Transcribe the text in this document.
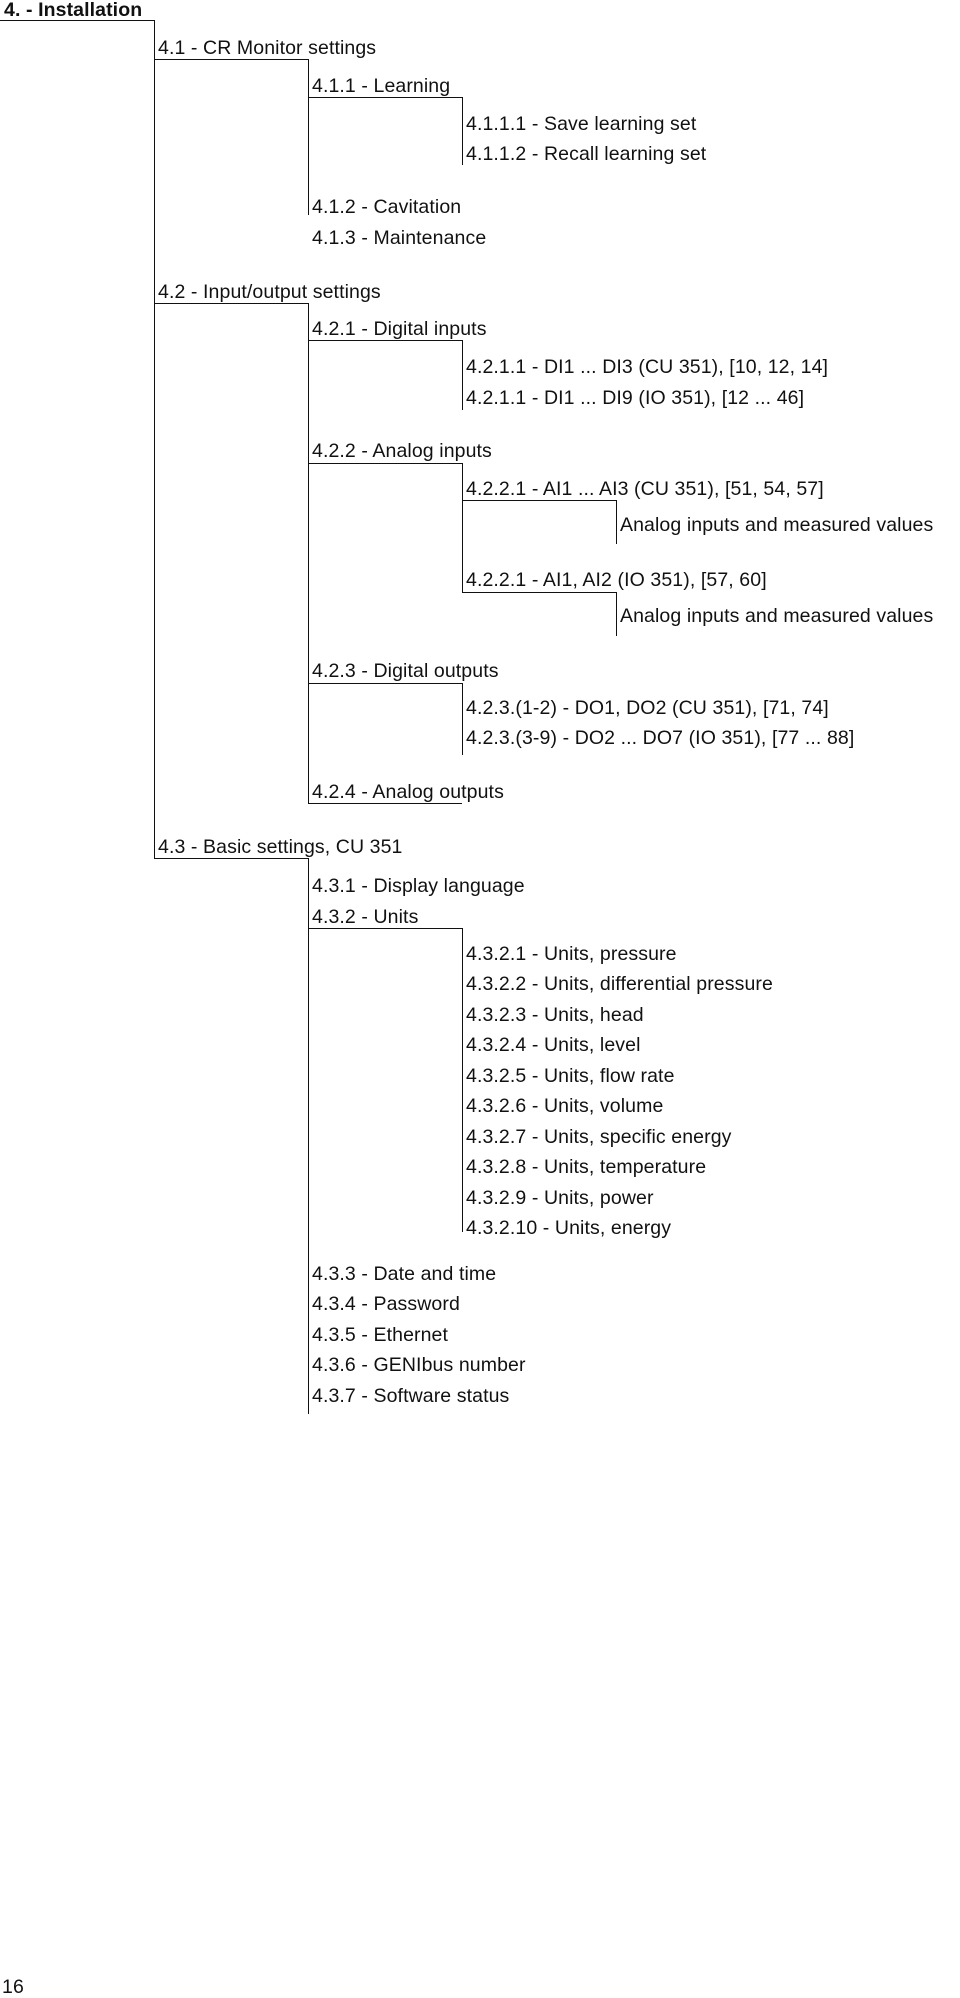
4. - Installation
4.1 - CR Monitor settings
4.1.1 - Learning
4.1.1.1 - Save learning set
4.1.1.2 - Recall learning set
4.1.2 - Cavitation
4.1.3 - Maintenance
4.2 - Input/output settings
4.2.1 - Digital inputs
4.2.1.1 - DI1 ... DI3 (CU 351), [10, 12, 14]
4.2.1.1 - DI1 ... DI9 (IO 351), [12 ... 46]
4.2.2 - Analog inputs
4.2.2.1 - AI1 ... AI3 (CU 351), [51, 54, 57]
Analog inputs and measured values
4.2.2.1 - AI1, AI2 (IO 351), [57, 60]
Analog inputs and measured values
4.2.3 - Digital outputs
4.2.3.(1-2) - DO1, DO2 (CU 351), [71, 74]
4.2.3.(3-9) - DO2 ... DO7 (IO 351), [77 ... 88]
4.2.4 - Analog outputs
4.3 - Basic settings, CU 351
4.3.1 - Display language
4.3.2 - Units
4.3.2.1 - Units, pressure
4.3.2.2 - Units, differential pressure
4.3.2.3 - Units, head
4.3.2.4 - Units, level
4.3.2.5 - Units, flow rate
4.3.2.6 - Units, volume
4.3.2.7 - Units, specific energy
4.3.2.8 - Units, temperature
4.3.2.9 - Units, power
4.3.2.10 - Units, energy
4.3.3 - Date and time
4.3.4 - Password
4.3.5 - Ethernet
4.3.6 - GENIbus number
4.3.7 - Software status
16
